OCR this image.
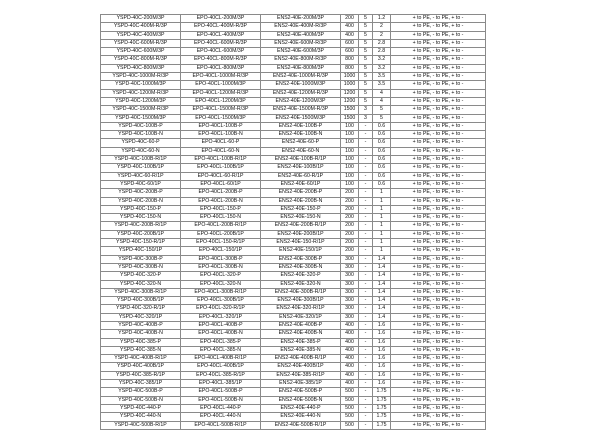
YSPD-40C-200M/3P	EPO-40CL-200M/3P	ENS2-40E-200M/3P	200	5	1.2	+ to PE, - to PE, + to -
YSPD-40C-400M-R/3P	EPO-40CL-400M-R/3P	ENS2-40E-400M-R/3P	400	5	2	+ to PE, - to PE, + to -
YSPD-40C-400M/3P	EPO-40CL-400M/3P	ENS2-40E-400M/3P	400	5	2	+ to PE, - to PE, + to -
YSPD-40C-600M-R/3P	EPO-40CL-600M-R/3P	ENS2-40E-600M-R/3P	600	5	2.8	+ to PE, - to PE, + to -
YSPD-40C-600M/3P	EPO-40CL-600M/3P	ENS2-40E-600M/3P	600	5	2.8	+ to PE, - to PE, + to -
YSPD-40C-800M-R/3P	EPO-40CL-800M-R/3P	ENS2-40E-800M-R/3P	800	5	3.2	+ to PE, - to PE, + to -
YSPD-40C-800M/3P	EPO-40CL-800M/3P	ENS2-40E-800M/3P	800	5	3.2	+ to PE, - to PE, + to -
YSPD-40C-1000M-R/3P	EPO-40CL-1000M-R/3P	ENS2-40E-1000M-R/3P	1000	5	3.5	+ to PE, - to PE, + to -
YSPD-40C-1000M/3P	EPO-40CL-1000M/3P	ENS2-40E-1000M/3P	1000	5	3.5	+ to PE, - to PE, + to -
YSPD-40C-1200M-R/3P	EPO-40CL-1200M-R/3P	ENS2-40E-1200M-R/3P	1200	5	4	+ to PE, - to PE, + to -
YSPD-40C-1200M/3P	EPO-40CL-1200M/3P	ENS2-40E-1200M/3P	1200	5	4	+ to PE, - to PE, + to -
YSPD-40C-1500M-R/3P	EPO-40CL-1500M-R/3P	ENS2-40E-1500M-R/3P	1500	3	5	+ to PE, - to PE, + to -
YSPD-40C-1500M/3P	EPO-40CL-1500M/3P	ENS2-40E-1500M/3P	1500	3	5	+ to PE, - to PE, + to -
YSPD-40C-100B-P	EPO-40CL-100B-P	ENS2-40E-100B-P	100	-	0.6	+ to PE, - to PE, + to -
YSPD-40C-100B-N	EPO-40CL-100B-N	ENS2-40E-100B-N	100	-	0.6	+ to PE, - to PE, + to -
YSPD-40C-60-P	EPO-40CL-60-P	ENS2-40E-60-P	100	-	0.6	+ to PE, - to PE, + to -
YSPD-40C-60-N	EPO-40CL-60-N	ENS2-40E-60-N	100	-	0.6	+ to PE, - to PE, + to -
YSPD-40C-100B-R/1P	EPO-40CL-100B-R/1P	ENS2-40E-100B-R/1P	100	-	0.6	+ to PE, - to PE, + to -
YSPD-40C-100B/1P	EPO-40CL-100B/1P	ENS2-40E-100B/1P	100	-	0.6	+ to PE, - to PE, + to -
YSPD-40C-60-R/1P	EPO-40CL-60-R/1P	ENS2-40E-60-R/1P	100	-	0.6	+ to PE, - to PE, + to -
YSPD-40C-60/1P	EPO-40CL-60/1P	ENS2-40E-60/1P	100	-	0.6	+ to PE, - to PE, + to -
YSPD-40C-200B-P	EPO-40CL-200B-P	ENS2-40E-200B-P	200	-	1	+ to PE, - to PE, + to -
YSPD-40C-200B-N	EPO-40CL-200B-N	ENS2-40E-200B-N	200	-	1	+ to PE, - to PE, + to -
YSPD-40C-150-P	EPO-40CL-150-P	ENS2-40E-150-P	200	-	1	+ to PE, - to PE, + to -
YSPD-40C-150-N	EPO-40CL-150-N	ENS2-40E-150-N	200	-	1	+ to PE, - to PE, + to -
YSPD-40C-200B-R/1P	EPO-40CL-200B-R/1P	ENS2-40E-200B-R/1P	200	-	1	+ to PE, - to PE, + to -
YSPD-40C-200B/1P	EPO-40CL-200B/1P	ENS2-40E-200B/1P	200	-	1	+ to PE, - to PE, + to -
YSPD-40C-150-R/1P	EPO-40CL-150-R/1P	ENS2-40E-150-R/1P	200	-	1	+ to PE, - to PE, + to -
YSPD-40C-150/1P	EPO-40CL-150/1P	ENS2-40E-150/1P	200	-	1	+ to PE, - to PE, + to -
YSPD-40C-300B-P	EPO-40CL-300B-P	ENS2-40E-300B-P	300	-	1.4	+ to PE, - to PE, + to -
YSPD-40C-300B-N	EPO-40CL-300B-N	ENS2-40E-300B-N	300	-	1.4	+ to PE, - to PE, + to -
YSPD-40C-320-P	EPO-40CL-320-P	ENS2-40E-320-P	300	-	1.4	+ to PE, - to PE, + to -
YSPD-40C-320-N	EPO-40CL-320-N	ENS2-40E-320-N	300	-	1.4	+ to PE, - to PE, + to -
YSPD-40C-300B-R/1P	EPO-40CL-300B-R/1P	ENS2-40E-300B-R/1P	300	-	1.4	+ to PE, - to PE, + to -
YSPD-40C-300B/1P	EPO-40CL-300B/1P	ENS2-40E-300B/1P	300	-	1.4	+ to PE, - to PE, + to -
YSPD-40C-320-R/1P	EPO-40CL-320-R/1P	ENS2-40E-320-R/1P	300	-	1.4	+ to PE, - to PE, + to -
YSPD-40C-320/1P	EPO-40CL-320/1P	ENS2-40E-320/1P	300	-	1.4	+ to PE, - to PE, + to -
YSPD-40C-400B-P	EPO-40CL-400B-P	ENS2-40E-400B-P	400	-	1.6	+ to PE, - to PE, + to -
YSPD-40C-400B-N	EPO-40CL-400B-N	ENS2-40E-400B-N	400	-	1.6	+ to PE, - to PE, + to -
YSPD-40C-385-P	EPO-40CL-385-P	ENS2-40E-385-P	400	-	1.6	+ to PE, - to PE, + to -
YSPD-40C-385-N	EPO-40CL-385-N	ENS2-40E-385-N	400	-	1.6	+ to PE, - to PE, + to -
YSPD-40C-400B-R/1P	EPO-40CL-400B-R/1P	ENS2-40E-400B-R/1P	400	-	1.6	+ to PE, - to PE, + to -
YSPD-40C-400B/1P	EPO-40CL-400B/1P	ENS2-40E-400B/1P	400	-	1.6	+ to PE, - to PE, + to -
YSPD-40C-385-R/1P	EPO-40CL-385-R/1P	ENS2-40E-385-R/1P	400	-	1.6	+ to PE, - to PE, + to -
YSPD-40C-385/1P	EPO-40CL-385/1P	ENS2-40E-385/1P	400	-	1.6	+ to PE, - to PE, + to -
YSPD-40C-500B-P	EPO-40CL-500B-P	ENS2-40E-500B-P	500	-	1.75	+ to PE, - to PE, + to -
YSPD-40C-500B-N	EPO-40CL-500B-N	ENS2-40E-500B-N	500	-	1.75	+ to PE, - to PE, + to -
YSPD-40C-440-P	EPO-40CL-440-P	ENS2-40E-440-P	500	-	1.75	+ to PE, - to PE, + to -
YSPD-40C-440-N	EPO-40CL-440-N	ENS2-40E-440-N	500	-	1.75	+ to PE, - to PE, + to -
YSPD-40C-500B-R/1P	EPO-40CL-500B-R/1P	ENS2-40E-500B-R/1P	500	-	1.75	+ to PE, - to PE, + to -
